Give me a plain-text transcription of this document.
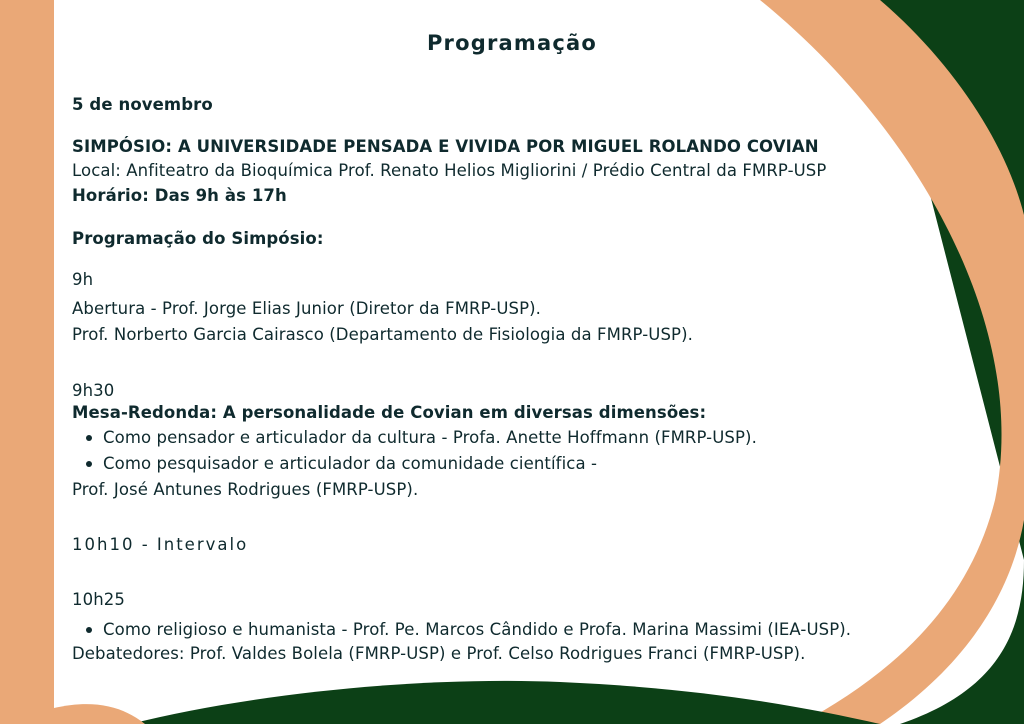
Programação
5 de novembro
SIMPÓSIO: A UNIVERSIDADE PENSADA E VIVIDA POR MIGUEL ROLANDO COVIAN
Local: Anfiteatro da Bioquímica Prof. Renato Helios Migliorini / Prédio Central da FMRP-USP
Horário: Das 9h às 17h
Programação do Simpósio:
9h
Abertura - Prof. Jorge Elias Junior (Diretor da FMRP-USP).
Prof. Norberto Garcia Cairasco (Departamento de Fisiologia da FMRP-USP).
9h30
Mesa-Redonda: A personalidade de Covian em diversas dimensões:
Como pensador e articulador da cultura - Profa. Anette Hoffmann (FMRP-USP).
Como pesquisador e articulador da comunidade científica -
Prof. José Antunes Rodrigues (FMRP-USP).
10h10 - Intervalo
10h25
Como religioso e humanista - Prof. Pe. Marcos Cândido e Profa. Marina Massimi (IEA-USP).
Debatedores: Prof. Valdes Bolela (FMRP-USP) e Prof. Celso Rodrigues Franci (FMRP-USP).
